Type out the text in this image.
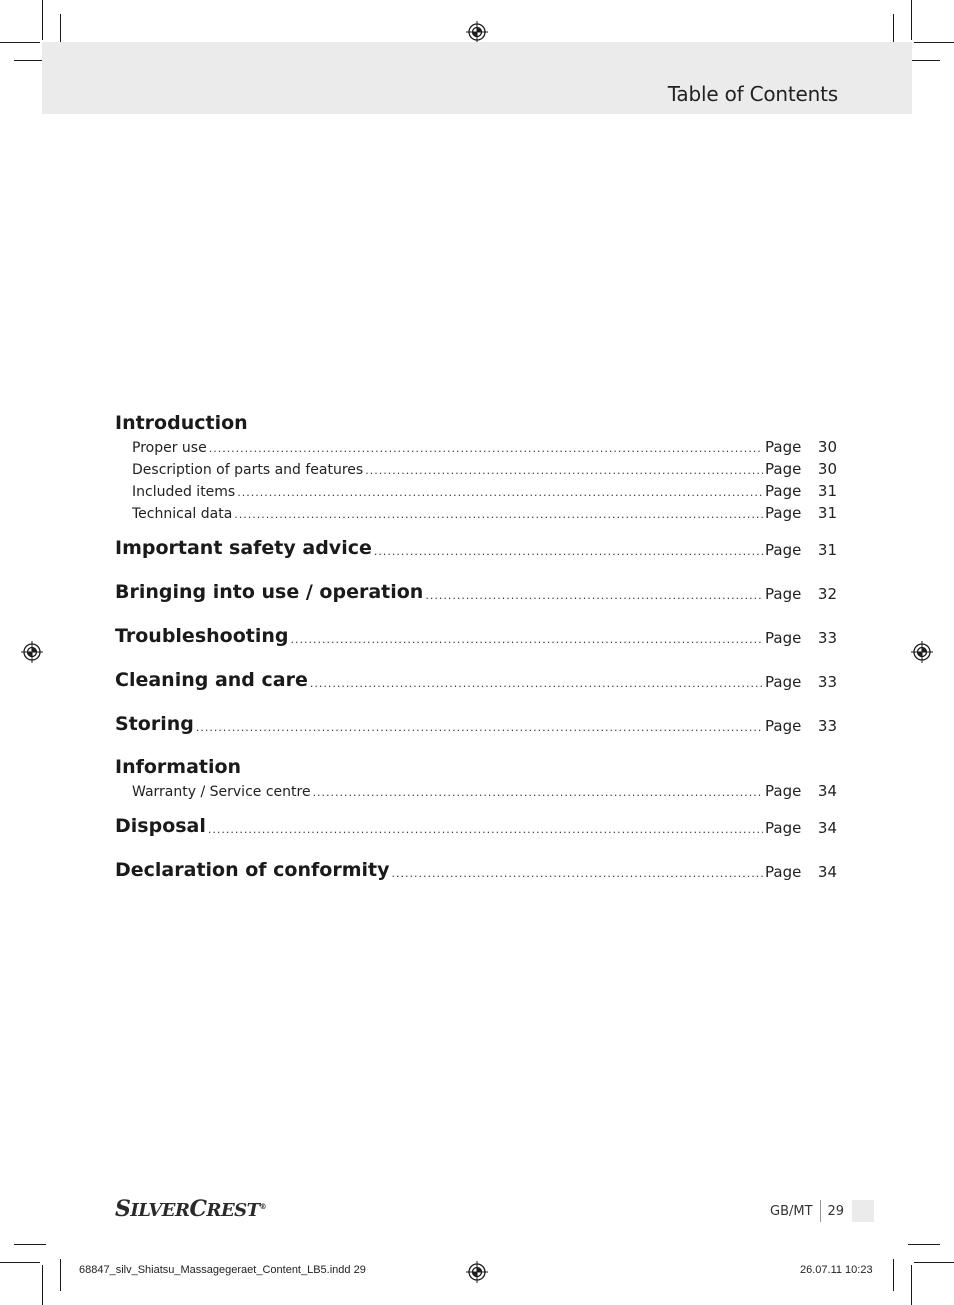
Table of Contents
Introduction
Proper use .....	Page	30
Description of parts and features .....	Page	30
Included items .....	Page	31
Technical data .....	Page	31
Important safety advice .....	Page	31
Bringing into use / operation .....	Page	32
Troubleshooting .....	Page	33
Cleaning and care .....	Page	33
Storing .....	Page	33
Information
Warranty / Service centre .....	Page	34
Disposal .....	Page	34
Declaration of conformity .....	Page	34
SILVERCREST®	GB/MT 29
68847_silv_Shiatsu_Massagegeraet_Content_LB5.indd 29	26.07.11 10:23
